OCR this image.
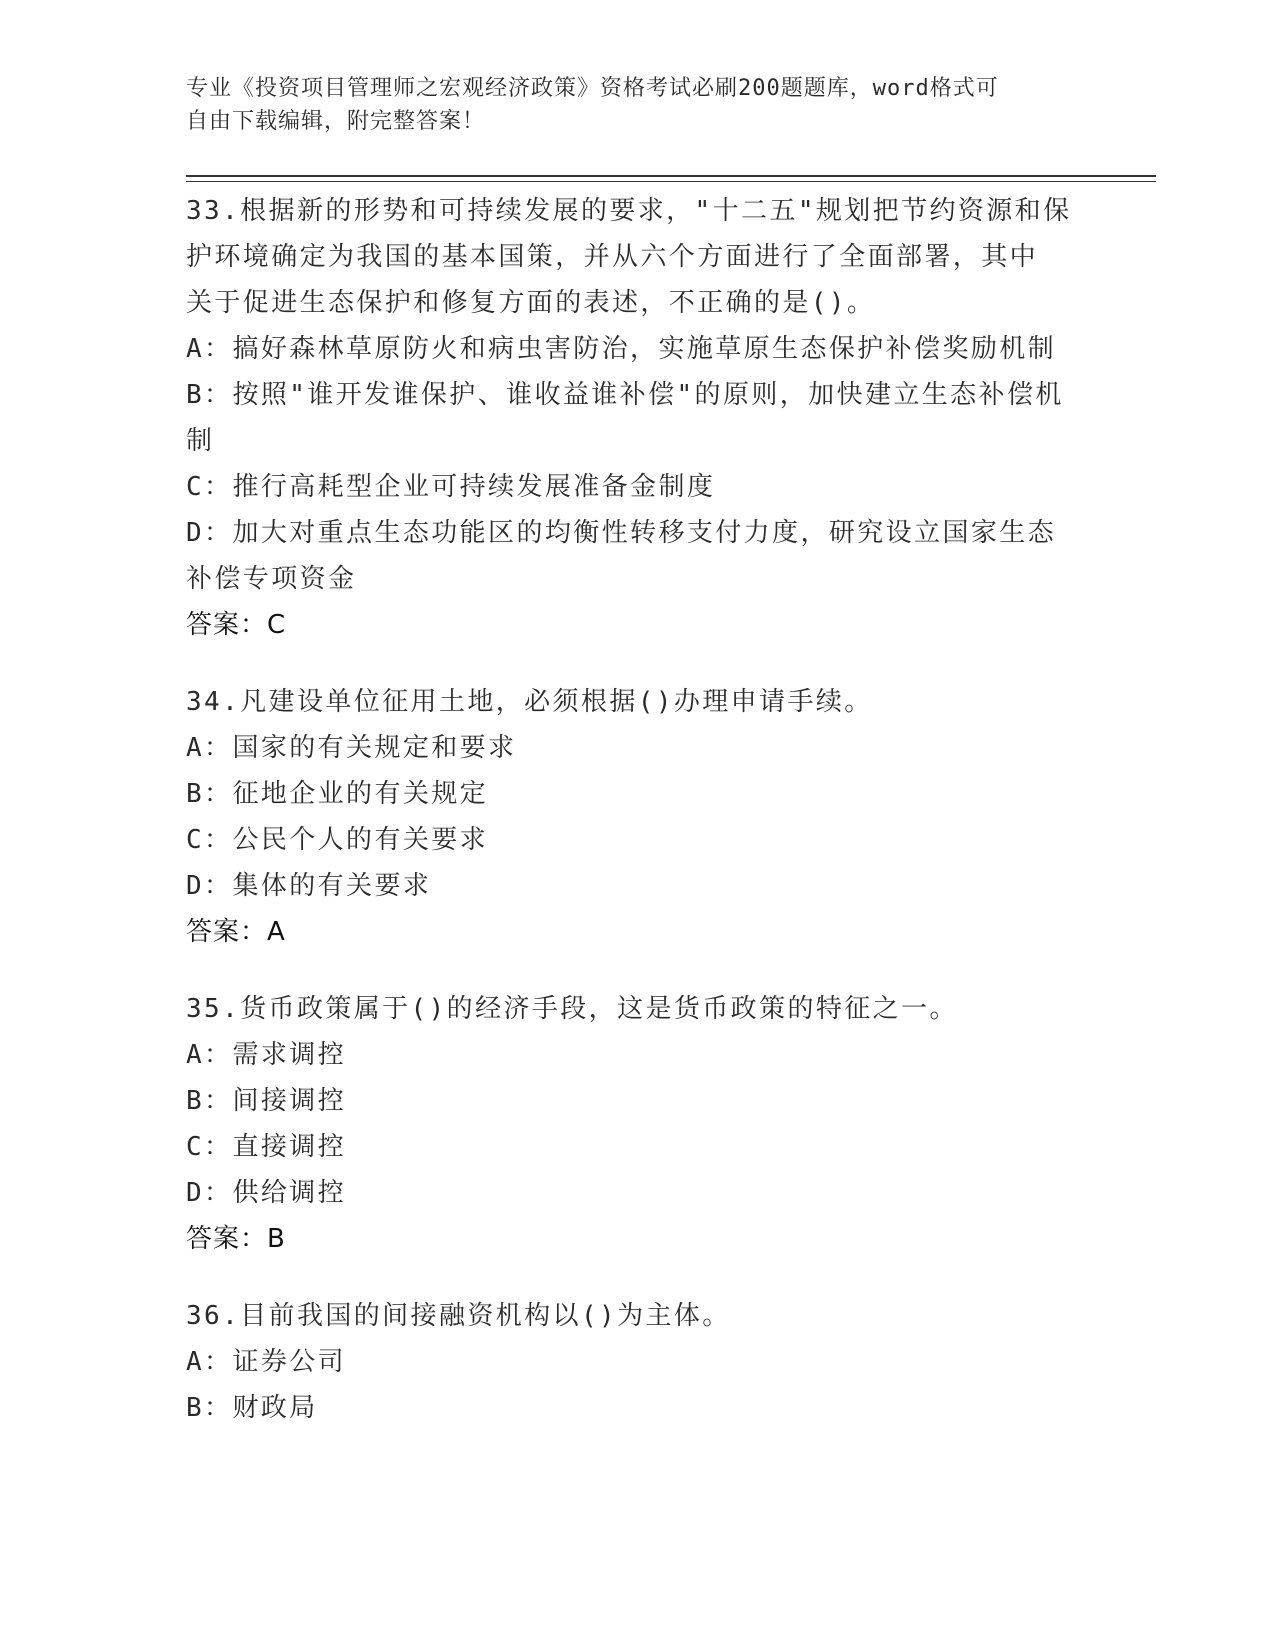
专业《投资项目管理师之宏观经济政策》资格考试必刷200题题库，word格式可
自由下载编辑，附完整答案！
33.根据新的形势和可持续发展的要求，"十二五"规划把节约资源和保
护环境确定为我国的基本国策，并从六个方面进行了全面部署，其中
关于促进生态保护和修复方面的表述，不正确的是()。
A：搞好森林草原防火和病虫害防治，实施草原生态保护补偿奖励机制
B：按照"谁开发谁保护、谁收益谁补偿"的原则，加快建立生态补偿机
制
C：推行高耗型企业可持续发展准备金制度
D：加大对重点生态功能区的均衡性转移支付力度，研究设立国家生态
补偿专项资金
答案：C
34.凡建设单位征用土地，必须根据()办理申请手续。
A：国家的有关规定和要求
B：征地企业的有关规定
C：公民个人的有关要求
D：集体的有关要求
答案：A
35.货币政策属于()的经济手段，这是货币政策的特征之一。
A：需求调控
B：间接调控
C：直接调控
D：供给调控
答案：B
36.目前我国的间接融资机构以()为主体。
A：证券公司
B：财政局
